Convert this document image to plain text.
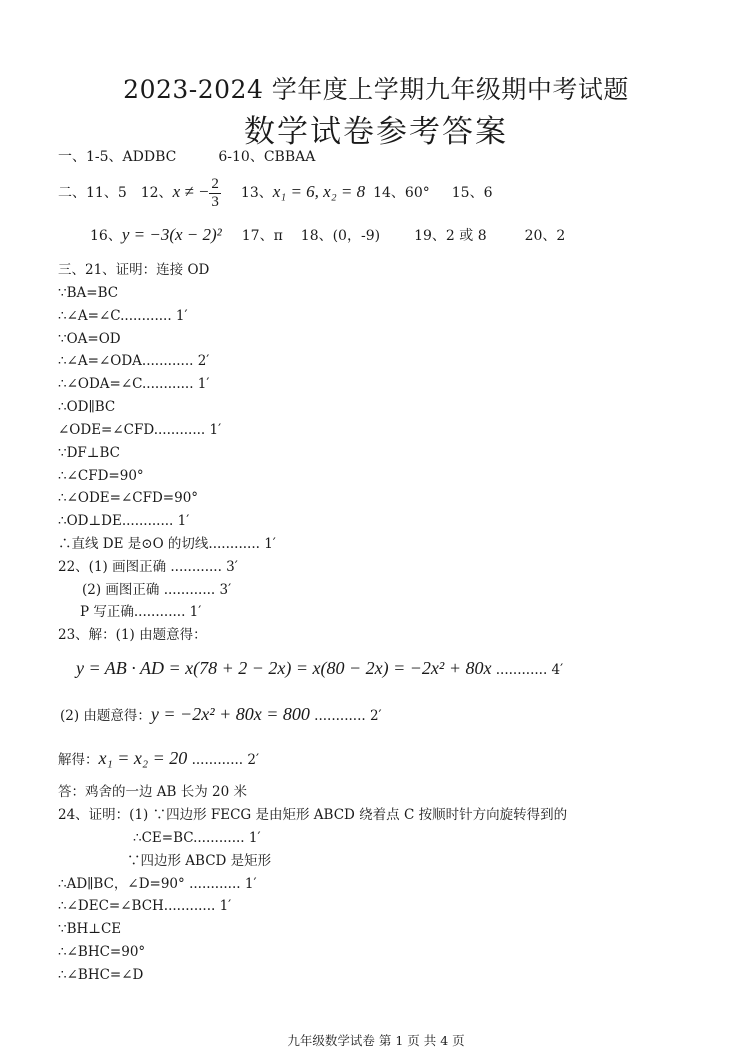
2023-2024 学年度上学期九年级期中考试题
数学试卷参考答案
一、1-5、ADDBC	6-10、CBBAA
二、11、5 12、x ≠ − $\frac{2}{3} 13$、x₁ = 6, x₂ = 8 14、60° 15、6
16、y = −3(x − 2)² 17、π 18、(0，-9) 19、2 或 8	20、2
三、21、证明：连接 OD
∵BA=BC
∴∠A=∠C............ 1′
∵OA=OD
∴∠A=∠ODA............ 2′
∴∠ODA=∠C............ 1′
∴OD∥BC
∠ODE=∠CFD............ 1′
∵DF⊥BC
∴∠CFD=90°
∴∠ODE=∠CFD=90°
∴OD⊥DE............ 1′
∴直线 DE 是⊙O 的切线............ 1′
22、(1) 画图正确 ............ 3′
(2) 画图正确 ............ 3′
P 写正确............ 1′
23、解：(1) 由题意得：
y = AB · AD = x(78 + 2 − 2x) = x(80 − 2x) = −2x² + 80x ............ 4′
(2) 由题意得：y = −2x² + 80x = 800 ............ 2′
解得：x₁ = x₂ = 20 ............ 2′
答：鸡舍的一边 AB 长为 20 米
24、证明：(1) ∵四边形 FECG 是由矩形 ABCD 绕着点 C 按顺时针方向旋转得到的
∴CE=BC............ 1′
∵四边形 ABCD 是矩形
∴AD∥BC，∠D=90° ............ 1′
∴∠DEC=∠BCH............ 1′
∵BH⊥CE
∴∠BHC=90°
∴∠BHC=∠D
九年级数学试卷 第 1 页 共 4 页
